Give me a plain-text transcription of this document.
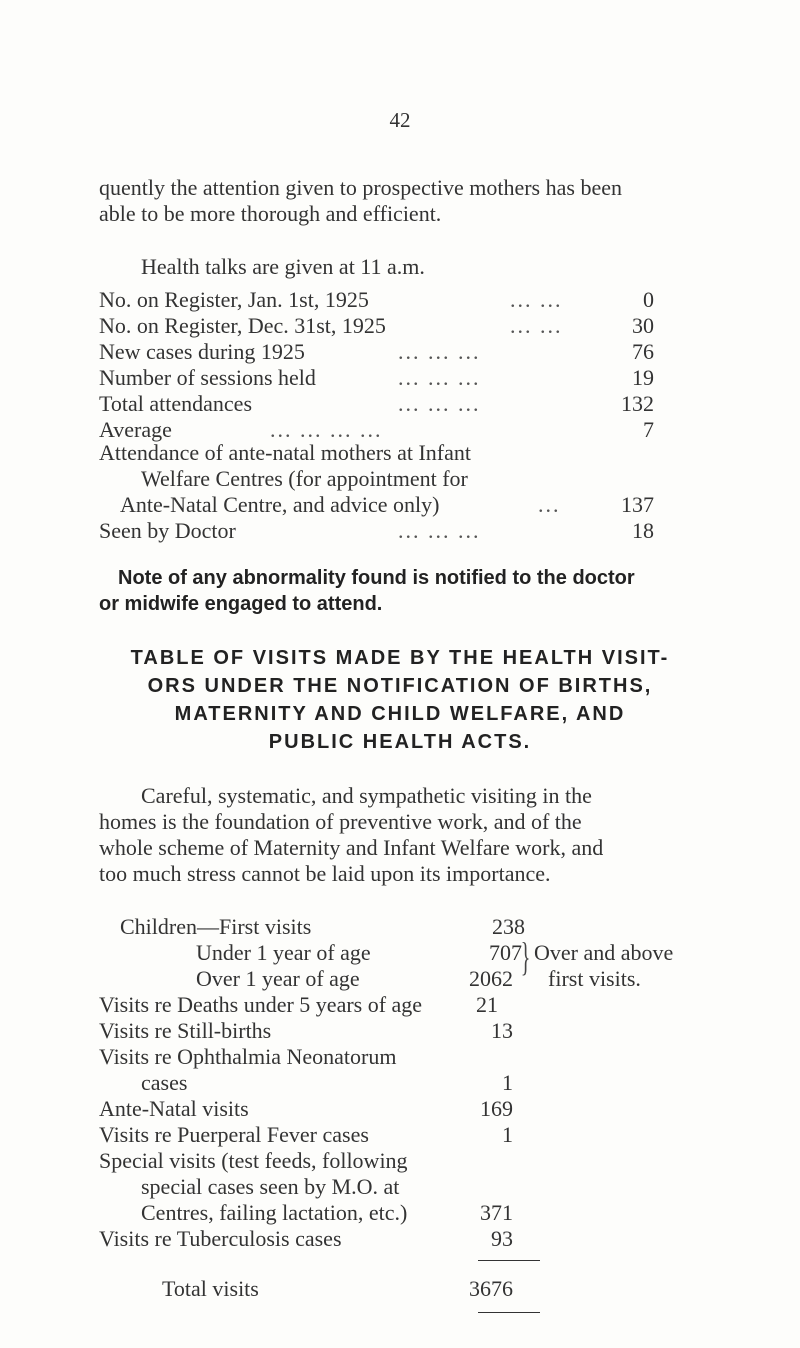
42
quently the attention given to prospective mothers has been
able to be more thorough and efficient.
Health talks are given at 11 a.m.
No. on Register, Jan. 1st, 1925	... ...	0
No. on Register, Dec. 31st, 1925	... ...	30
New cases during 1925	... ... ...	76
Number of sessions held	... ... ...	19
Total attendances	... ... ...	132
Average	... ... ... ...	7
Attendance of ante-natal mothers at Infant
Welfare Centres (for appointment for
Ante-Natal Centre, and advice only)	...	137
Seen by Doctor	... ... ...	18
Note of any abnormality found is notified to the doctor
or midwife engaged to attend.
TABLE OF VISITS MADE BY THE HEALTH VISIT-
ORS UNDER THE NOTIFICATION OF BIRTHS,
MATERNITY AND CHILD WELFARE, AND
PUBLIC HEALTH ACTS.
Careful, systematic, and sympathetic visiting in the
homes is the foundation of preventive work, and of the
whole scheme of Maternity and Infant Welfare work, and
too much stress cannot be laid upon its importance.
Children—First visits	238
Under 1 year of age	707
Over 1 year of age	2062 } Over and above
first visits.
Visits re Deaths under 5 years of age	21
Visits re Still-births	13
Visits re Ophthalmia Neonatorum
cases	1
Ante-Natal visits	169
Visits re Puerperal Fever cases	1
Special visits (test feeds, following
special cases seen by M.O. at
Centres, failing lactation, etc.)	371
Visits re Tuberculosis cases	93
Total visits	3676
